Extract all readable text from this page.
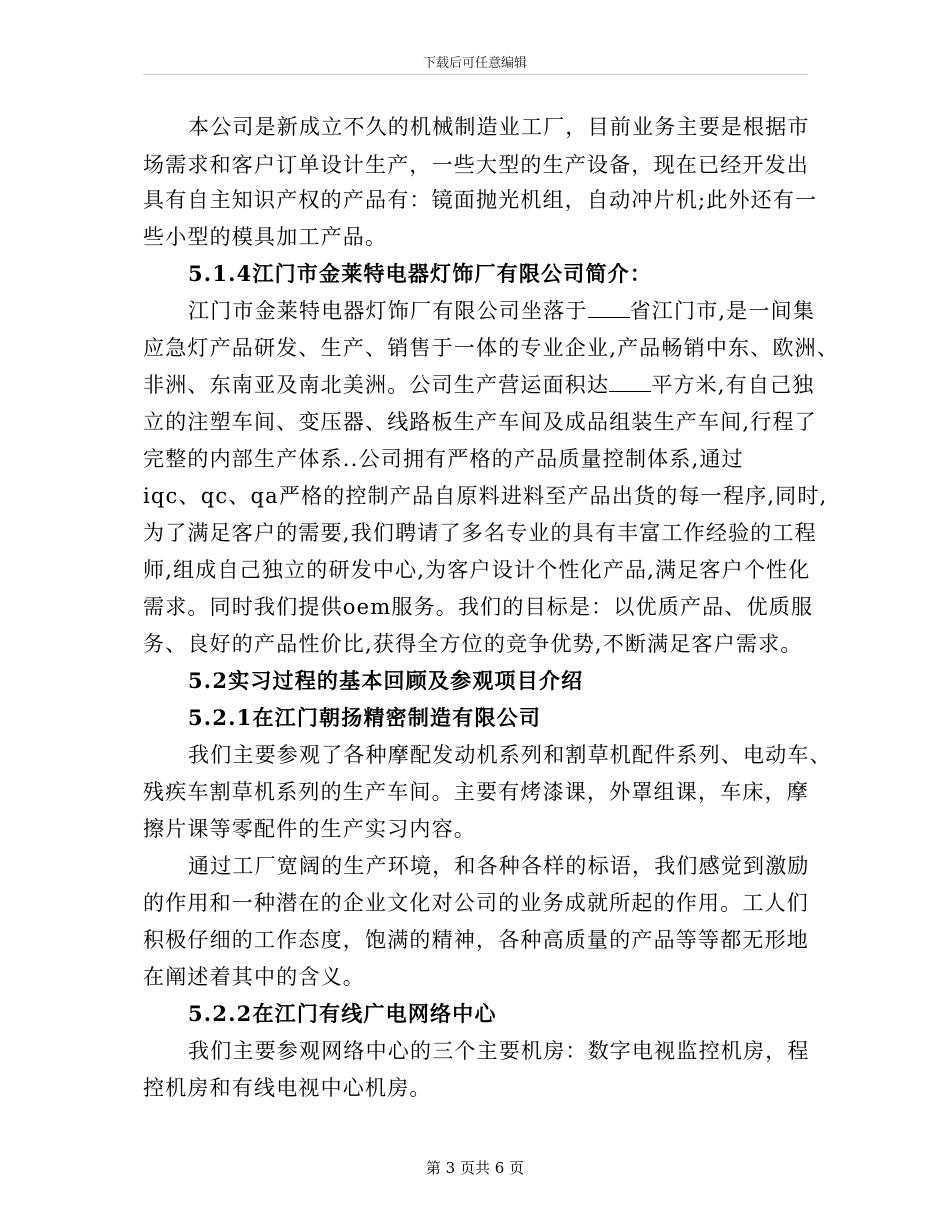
下载后可任意编辑
本公司是新成立不久的机械制造业工厂，目前业务主要是根据市
场需求和客户订单设计生产，一些大型的生产设备，现在已经开发出
具有自主知识产权的产品有：镜面抛光机组，自动冲片机;此外还有一
些小型的模具加工产品。
5.1.4江门市金莱特电器灯饰厂有限公司简介：
江门市金莱特电器灯饰厂有限公司坐落于 省江门市,是一间集
应急灯产品研发、生产、销售于一体的专业企业,产品畅销中东、欧洲、
非洲、东南亚及南北美洲。公司生产营运面积达 平方米,有自己独
立的注塑车间、变压器、线路板生产车间及成品组装生产车间,行程了
完整的内部生产体系..公司拥有严格的产品质量控制体系,通过
iqc、qc、qa严格的控制产品自原料进料至产品出货的每一程序,同时,
为了满足客户的需要,我们聘请了多名专业的具有丰富工作经验的工程
师,组成自己独立的研发中心,为客户设计个性化产品,满足客户个性化
需求。同时我们提供oem服务。我们的目标是：以优质产品、优质服
务、良好的产品性价比,获得全方位的竞争优势,不断满足客户需求。
5.2实习过程的基本回顾及参观项目介绍
5.2.1在江门朝扬精密制造有限公司
我们主要参观了各种摩配发动机系列和割草机配件系列、电动车、
残疾车割草机系列的生产车间。主要有烤漆课，外罩组课，车床，摩
擦片课等零配件的生产实习内容。
通过工厂宽阔的生产环境，和各种各样的标语，我们感觉到激励
的作用和一种潜在的企业文化对公司的业务成就所起的作用。工人们
积极仔细的工作态度，饱满的精神，各种高质量的产品等等都无形地
在阐述着其中的含义。
5.2.2在江门有线广电网络中心
我们主要参观网络中心的三个主要机房：数字电视监控机房，程
控机房和有线电视中心机房。
第 3 页共 6 页
